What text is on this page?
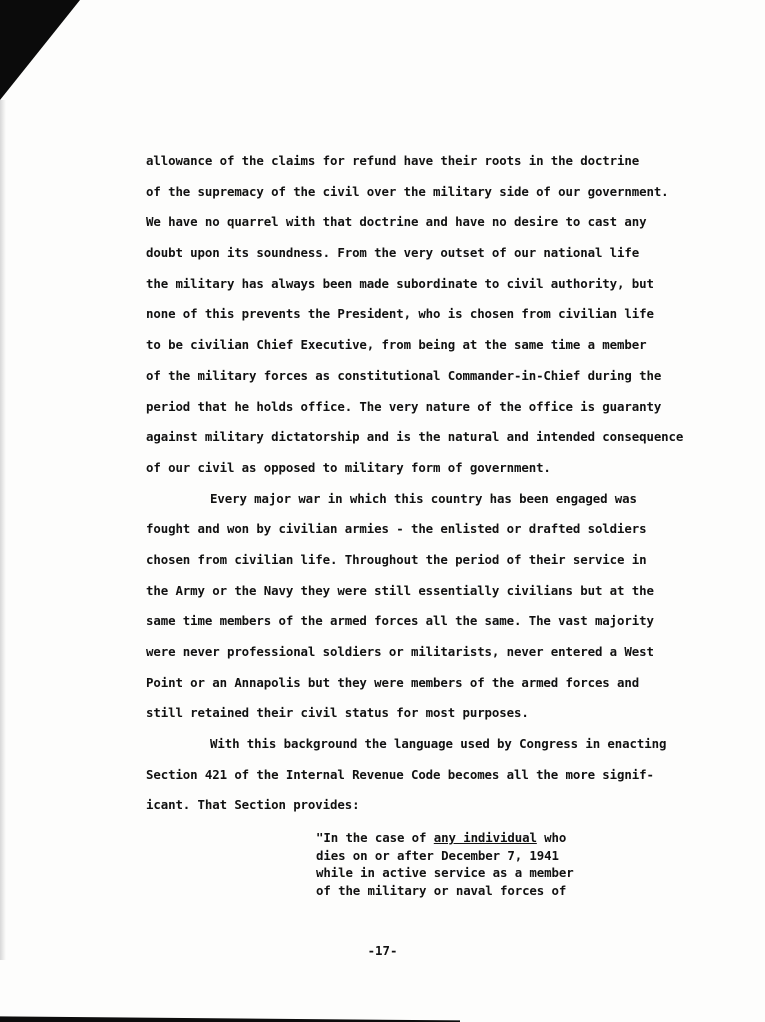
allowance of the claims for refund have their roots in the doctrine
of the supremacy of the civil over the military side of our government.
We have no quarrel with that doctrine and have no desire to cast any
doubt upon its soundness. From the very outset of our national life
the military has always been made subordinate to civil authority, but
none of this prevents the President, who is chosen from civilian life
to be civilian Chief Executive, from being at the same time a member
of the military forces as constitutional Commander-in-Chief during the
period that he holds office. The very nature of the office is guaranty
against military dictatorship and is the natural and intended consequence
of our civil as opposed to military form of government.
Every major war in which this country has been engaged was
fought and won by civilian armies - the enlisted or drafted soldiers
chosen from civilian life. Throughout the period of their service in
the Army or the Navy they were still essentially civilians but at the
same time members of the armed forces all the same. The vast majority
were never professional soldiers or militarists, never entered a West
Point or an Annapolis but they were members of the armed forces and
still retained their civil status for most purposes.
With this background the language used by Congress in enacting
Section 421 of the Internal Revenue Code becomes all the more signif-
icant. That Section provides:
"In the case of any individual who
dies on or after December 7, 1941
while in active service as a member
of the military or naval forces of
-17-
